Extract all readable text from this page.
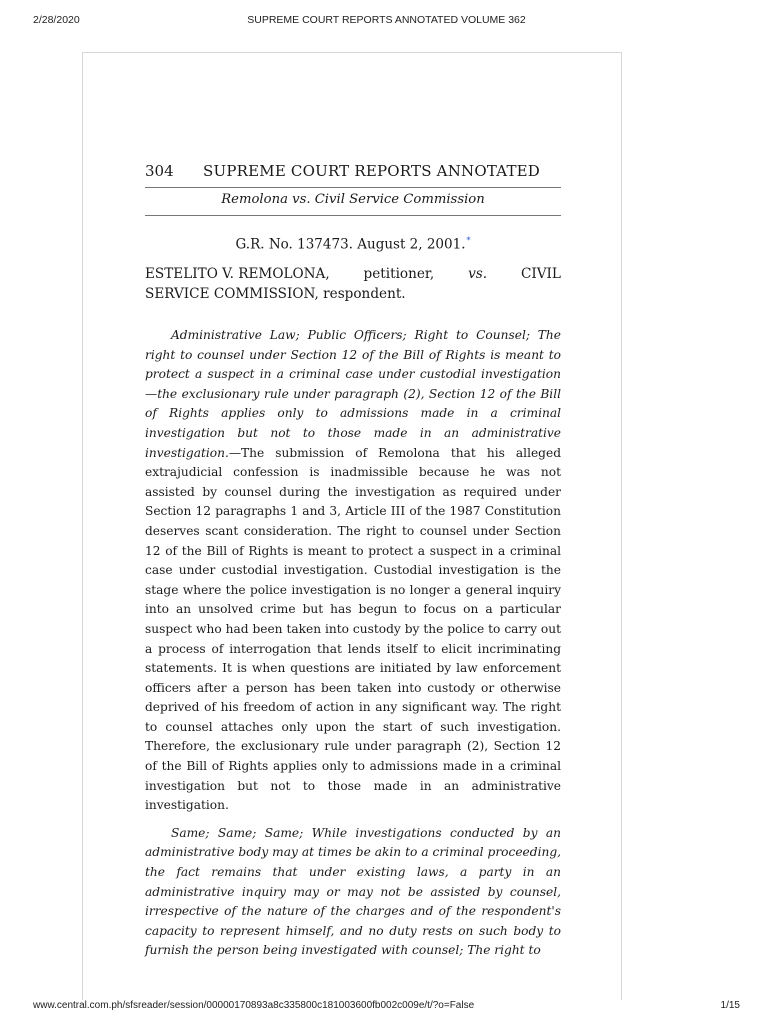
2/28/2020	SUPREME COURT REPORTS ANNOTATED VOLUME 362
304	SUPREME COURT REPORTS ANNOTATED
Remolona vs. Civil Service Commission
G.R. No. 137473. August 2, 2001.*
ESTELITO V. REMOLONA, petitioner, vs. CIVIL
SERVICE COMMISSION, respondent.
Administrative Law; Public Officers; Right to Counsel; The right to counsel under Section 12 of the Bill of Rights is meant to protect a suspect in a criminal case under custodial investigation —the exclusionary rule under paragraph (2), Section 12 of the Bill of Rights applies only to admissions made in a criminal investigation but not to those made in an administrative investigation.—The submission of Remolona that his alleged extrajudicial confession is inadmissible because he was not assisted by counsel during the investigation as required under Section 12 paragraphs 1 and 3, Article III of the 1987 Constitution deserves scant consideration. The right to counsel under Section 12 of the Bill of Rights is meant to protect a suspect in a criminal case under custodial investigation. Custodial investigation is the stage where the police investigation is no longer a general inquiry into an unsolved crime but has begun to focus on a particular suspect who had been taken into custody by the police to carry out a process of interrogation that lends itself to elicit incriminating statements. It is when questions are initiated by law enforcement officers after a person has been taken into custody or otherwise deprived of his freedom of action in any significant way. The right to counsel attaches only upon the start of such investigation. Therefore, the exclusionary rule under paragraph (2), Section 12 of the Bill of Rights applies only to admissions made in a criminal investigation but not to those made in an administrative investigation.
Same; Same; Same; While investigations conducted by an administrative body may at times be akin to a criminal proceeding, the fact remains that under existing laws, a party in an administrative inquiry may or may not be assisted by counsel, irrespective of the nature of the charges and of the respondent's capacity to represent himself, and no duty rests on such body to furnish the person being investigated with counsel; The right to
www.central.com.ph/sfsreader/session/00000170893a8c335800c181003600fb002c009e/t/?o=False	1/15
